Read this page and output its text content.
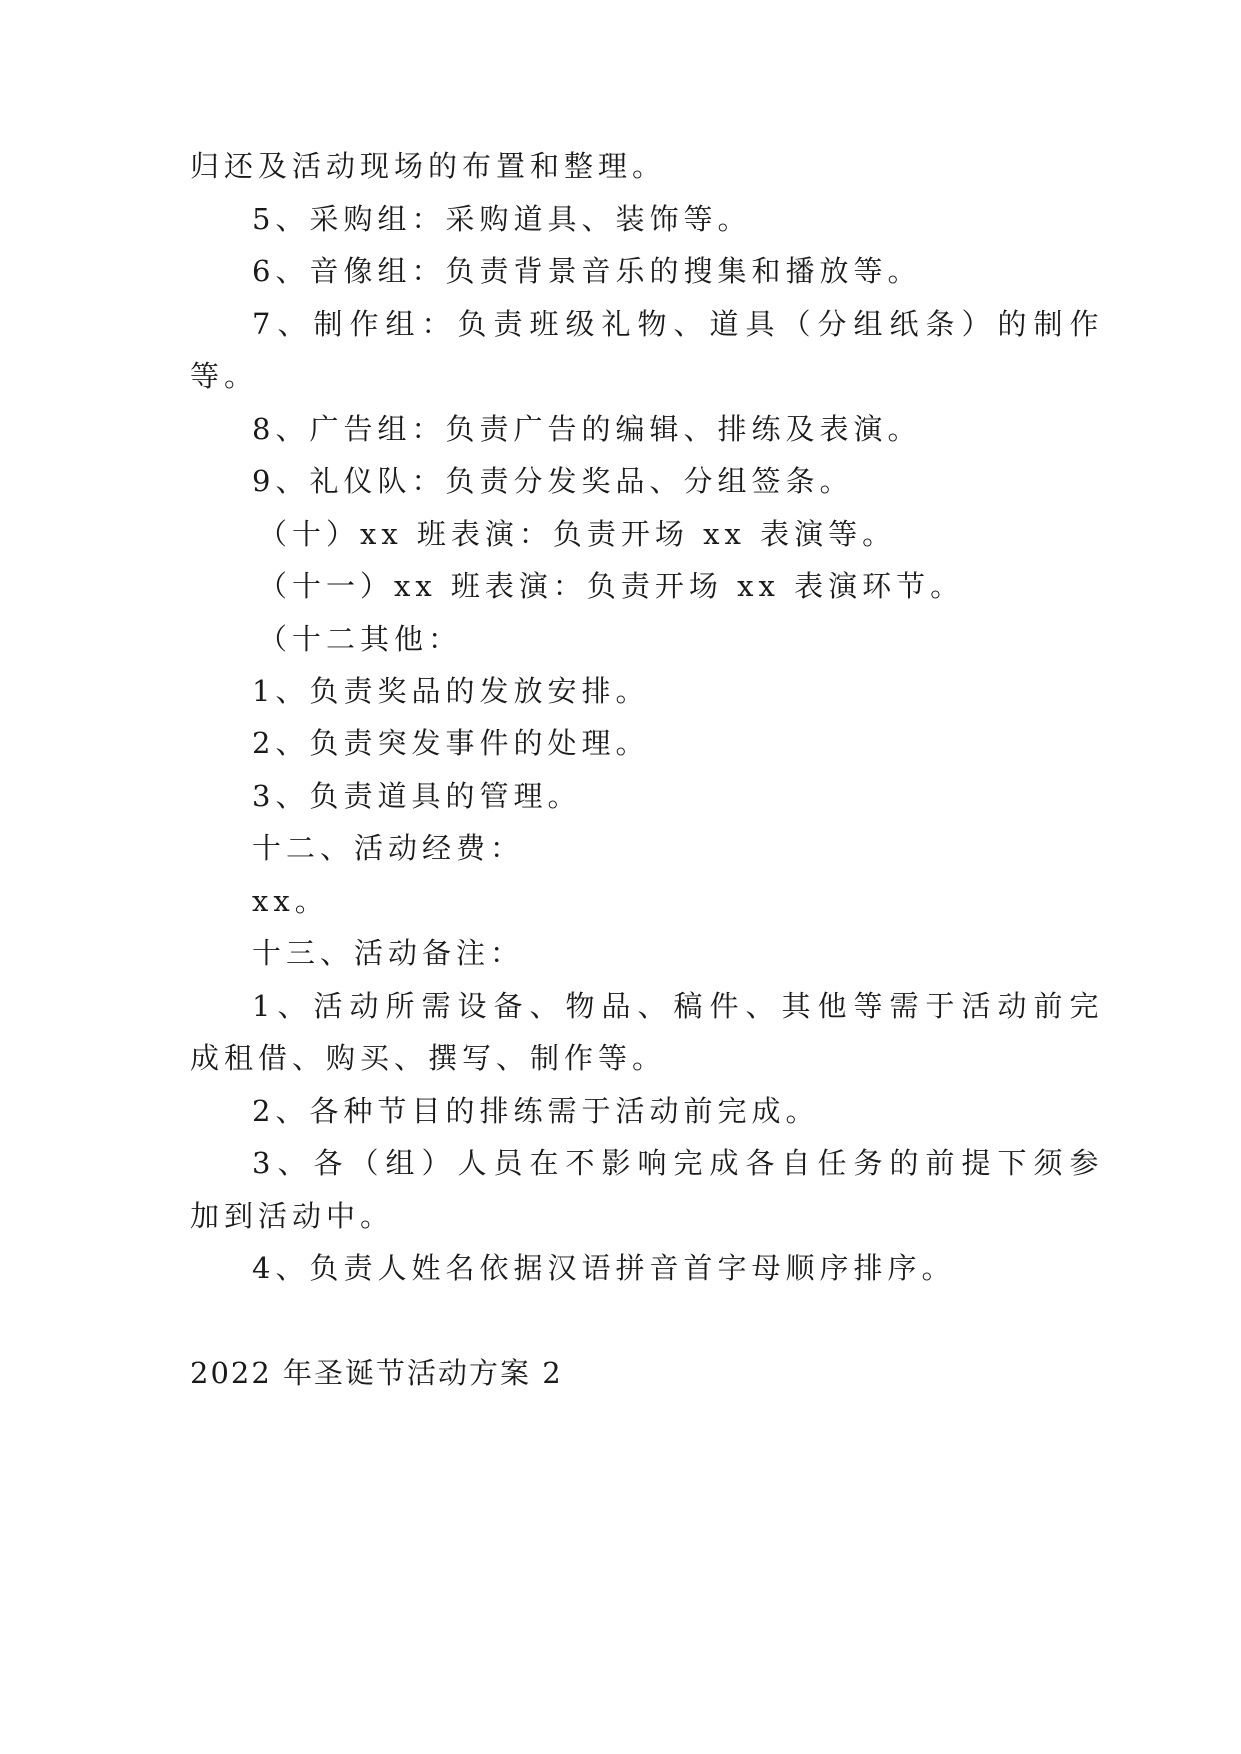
归还及活动现场的布置和整理。
5、采购组：采购道具、装饰等。
6、音像组：负责背景音乐的搜集和播放等。
7、制作组：负责班级礼物、道具（分组纸条）的制作
等。
8、广告组：负责广告的编辑、排练及表演。
9、礼仪队：负责分发奖品、分组签条。
（十）xx 班表演：负责开场 xx 表演等。
（十一）xx 班表演：负责开场 xx 表演环节。
（十二其他：
1、负责奖品的发放安排。
2、负责突发事件的处理。
3、负责道具的管理。
十二、活动经费：
xx。
十三、活动备注：
1、活动所需设备、物品、稿件、其他等需于活动前完
成租借、购买、撰写、制作等。
2、各种节目的排练需于活动前完成。
3、各（组）人员在不影响完成各自任务的前提下须参
加到活动中。
4、负责人姓名依据汉语拼音首字母顺序排序。
2022 年圣诞节活动方案 2
